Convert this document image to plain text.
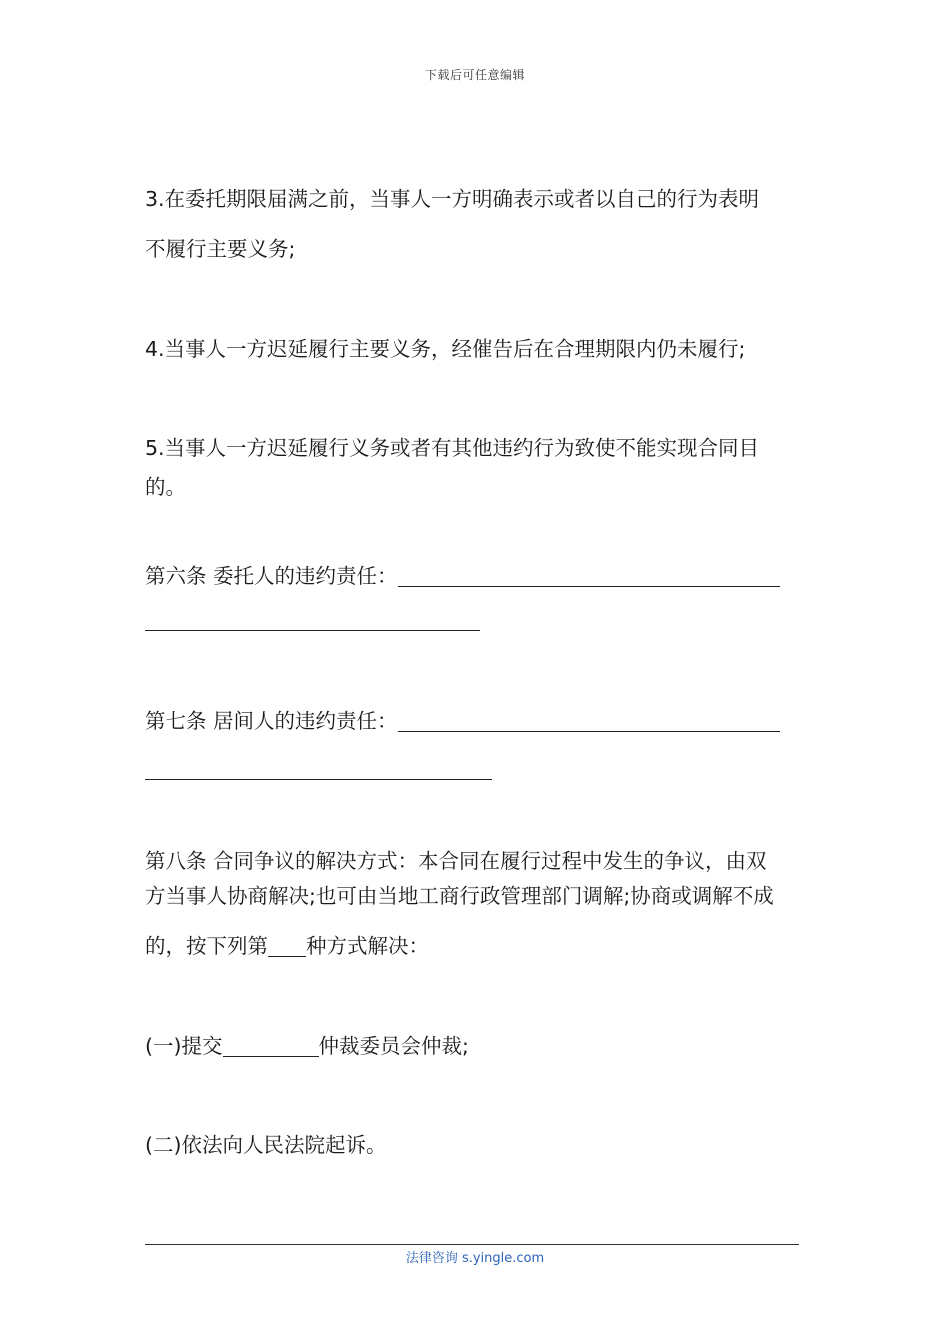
下载后可任意编辑
3.在委托期限届满之前，当事人一方明确表示或者以自己的行为表明
不履行主要义务;
4.当事人一方迟延履行主要义务，经催告后在合理期限内仍未履行;
5.当事人一方迟延履行义务或者有其他违约行为致使不能实现合同目
的。
第六条 委托人的违约责任：
第七条 居间人的违约责任：
第八条 合同争议的解决方式：本合同在履行过程中发生的争议，由双
方当事人协商解决;也可由当地工商行政管理部门调解;协商或调解不成
的，按下列第 种方式解决：
(一)提交	仲裁委员会仲裁;
(二)依法向人民法院起诉。
法律咨询 s.yingle.com
